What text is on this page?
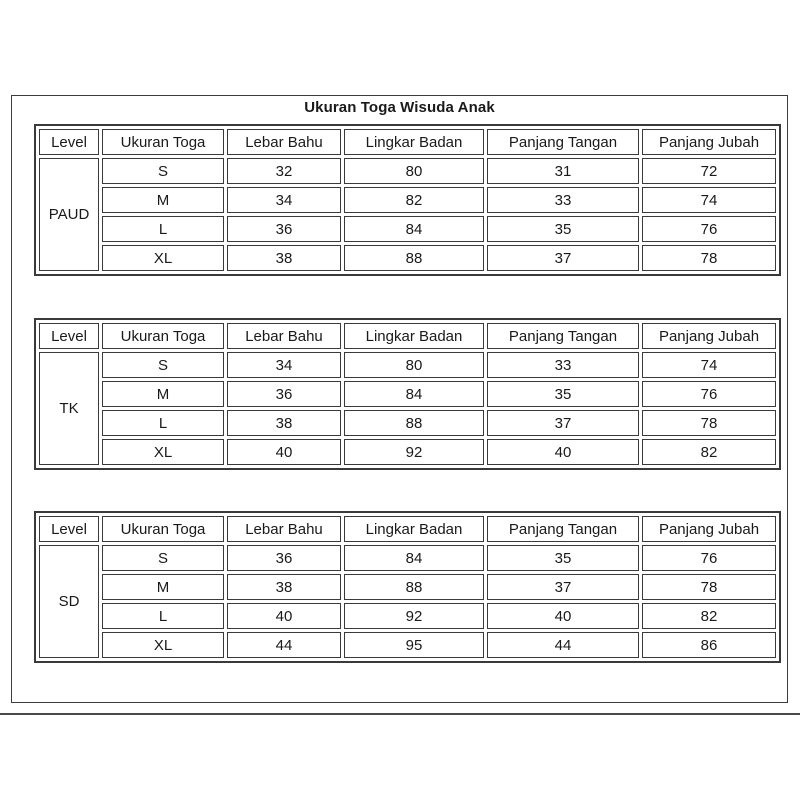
Ukuran Toga Wisuda Anak
Level	Ukuran Toga	Lebar Bahu	Lingkar Badan	Panjang Tangan	Panjang Jubah
PAUD	S	32	80	31	72
	M	34	82	33	74
	L	36	84	35	76
	XL	38	88	37	78
Level	Ukuran Toga	Lebar Bahu	Lingkar Badan	Panjang Tangan	Panjang Jubah
TK	S	34	80	33	74
	M	36	84	35	76
	L	38	88	37	78
	XL	40	92	40	82
Level	Ukuran Toga	Lebar Bahu	Lingkar Badan	Panjang Tangan	Panjang Jubah
SD	S	36	84	35	76
	M	38	88	37	78
	L	40	92	40	82
	XL	44	95	44	86
